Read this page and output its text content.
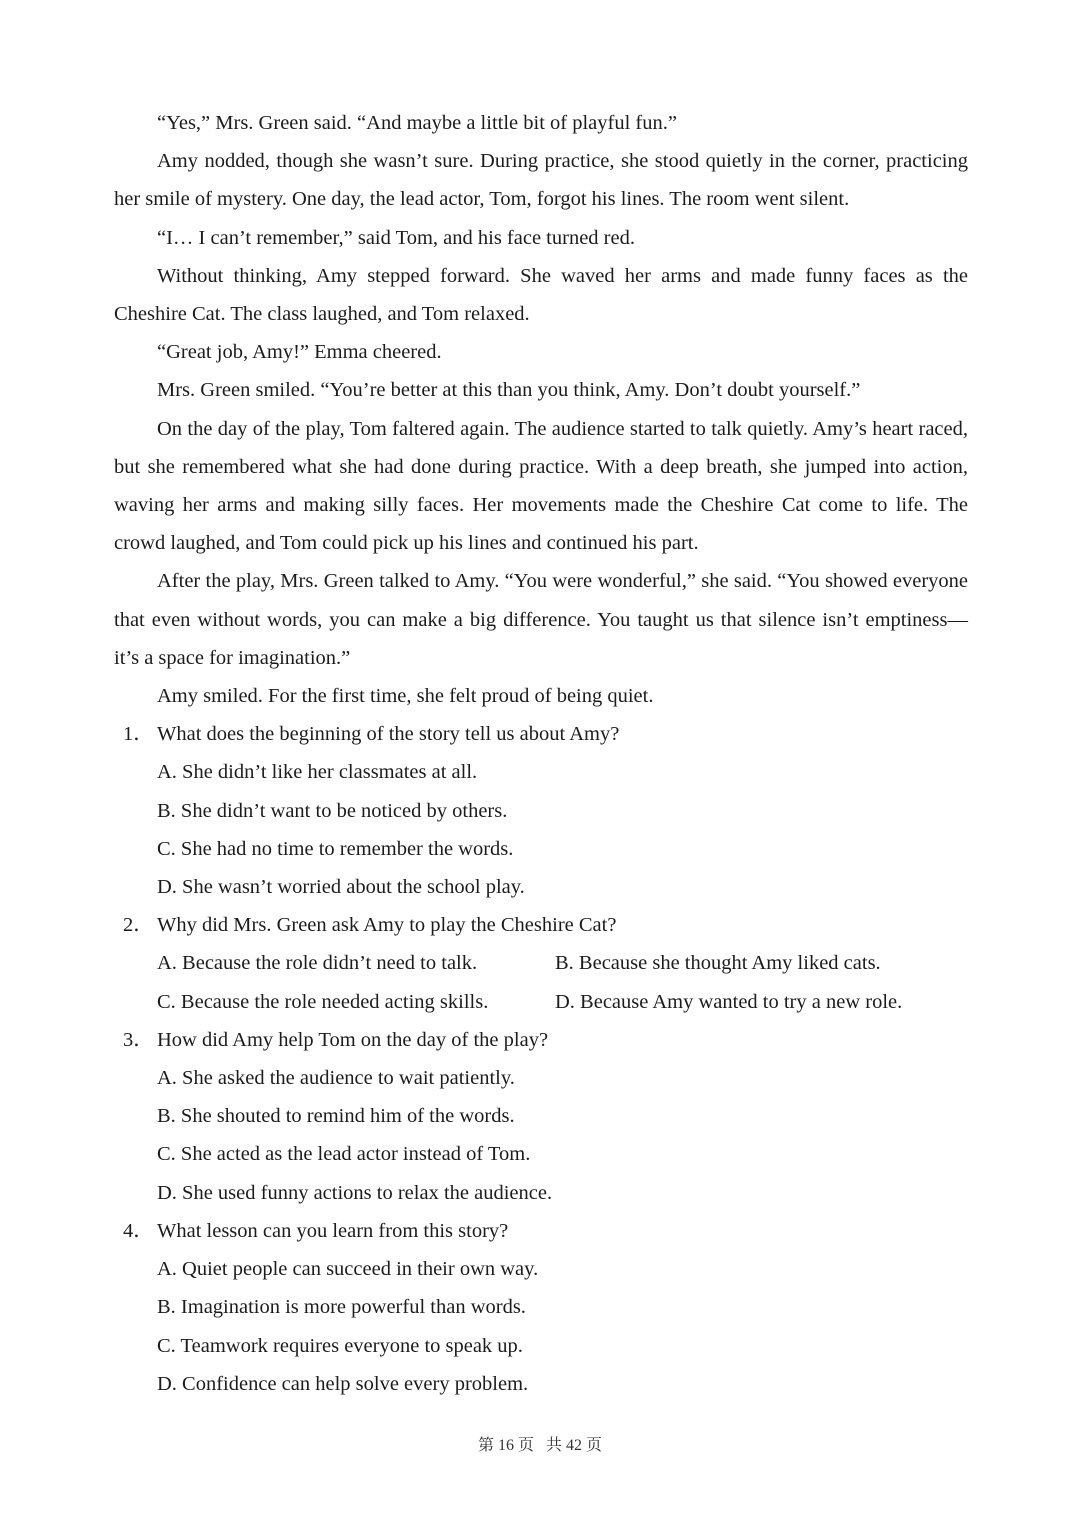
“Yes,” Mrs. Green said. “And maybe a little bit of playful fun.”

Amy nodded, though she wasn’t sure. During practice, she stood quietly in the corner, practicing her smile of mystery. One day, the lead actor, Tom, forgot his lines. The room went silent.

“I… I can’t remember,” said Tom, and his face turned red.

Without thinking, Amy stepped forward. She waved her arms and made funny faces as the Cheshire Cat. The class laughed, and Tom relaxed.

“Great job, Amy!” Emma cheered.

Mrs. Green smiled. “You’re better at this than you think, Amy. Don’t doubt yourself.”

On the day of the play, Tom faltered again. The audience started to talk quietly. Amy’s heart raced, but she remembered what she had done during practice. With a deep breath, she jumped into action, waving her arms and making silly faces. Her movements made the Cheshire Cat come to life. The crowd laughed, and Tom could pick up his lines and continued his part.

After the play, Mrs. Green talked to Amy. “You were wonderful,” she said. “You showed everyone that even without words, you can make a big difference. You taught us that silence isn’t emptiness— it’s a space for imagination.”

Amy smiled. For the first time, she felt proud of being quiet.

1． What does the beginning of the story tell us about Amy?

A. She didn’t like her classmates at all.

B. She didn’t want to be noticed by others.

C. She had no time to remember the words.

D. She wasn’t worried about the school play.

2． Why did Mrs. Green ask Amy to play the Cheshire Cat?

A. Because the role didn’t need to talk.	B. Because she thought Amy liked cats.

C. Because the role needed acting skills.	D. Because Amy wanted to try a new role.

3． How did Amy help Tom on the day of the play?

A. She asked the audience to wait patiently.

B. She shouted to remind him of the words.

C. She acted as the lead actor instead of Tom.

D. She used funny actions to relax the audience.

4． What lesson can you learn from this story?

A. Quiet people can succeed in their own way.

B. Imagination is more powerful than words.

C. Teamwork requires everyone to speak up.

D. Confidence can help solve every problem.

第 16 页 共 42 页
